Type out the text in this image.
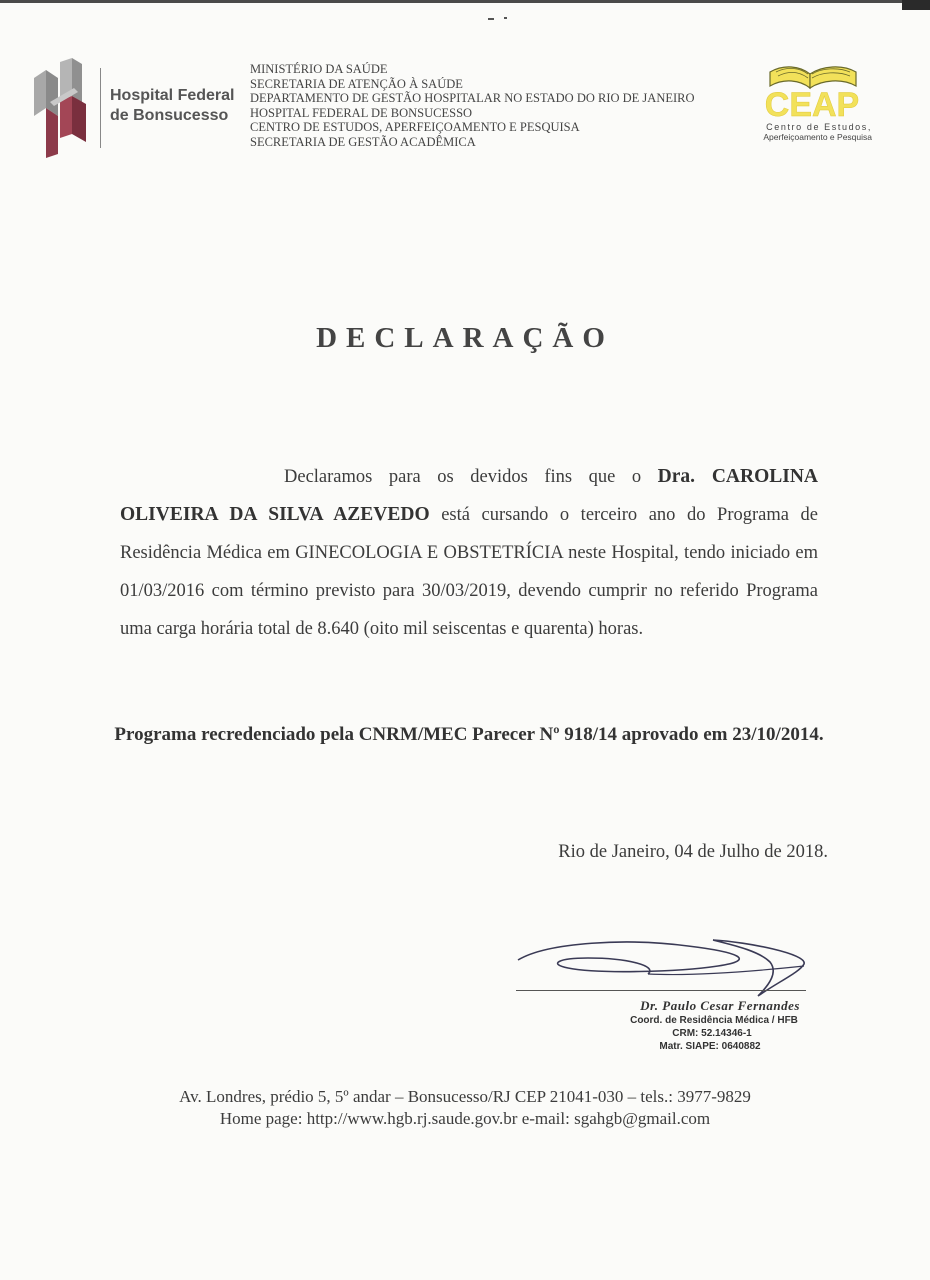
Hospital Federal
de Bonsucesso
MINISTÉRIO DA SAÚDE
SECRETARIA DE ATENÇÃO À SAÚDE
DEPARTAMENTO DE GESTÃO HOSPITALAR NO ESTADO DO RIO DE JANEIRO
HOSPITAL FEDERAL DE BONSUCESSO
CENTRO DE ESTUDOS, APERFEIÇOAMENTO E PESQUISA
SECRETARIA DE GESTÃO ACADÊMICA
CEAP
Centro de Estudos,
Aperfeiçoamento e Pesquisa
DECLARAÇÃO

Declaramos para os devidos fins que o Dra. CAROLINA OLIVEIRA DA SILVA AZEVEDO está cursando o terceiro ano do Programa de Residência Médica em GINECOLOGIA E OBSTETRÍCIA neste Hospital, tendo iniciado em 01/03/2016 com término previsto para 30/03/2019, devendo cumprir no referido Programa uma carga horária total de 8.640 (oito mil seiscentas e quarenta) horas.

Programa recredenciado pela CNRM/MEC Parecer Nº 918/14 aprovado em 23/10/2014.
Rio de Janeiro, 04 de Julho de 2018.
Dr. Paulo Cesar Fernandes
Coord. de Residência Médica / HFB
CRM: 52.14346-1
Matr. SIAPE: 0640882
Av. Londres, prédio 5, 5º andar – Bonsucesso/RJ CEP 21041-030 – tels.: 3977-9829
Home page: http://www.hgb.rj.saude.gov.br e-mail: sgahgb@gmail.com
